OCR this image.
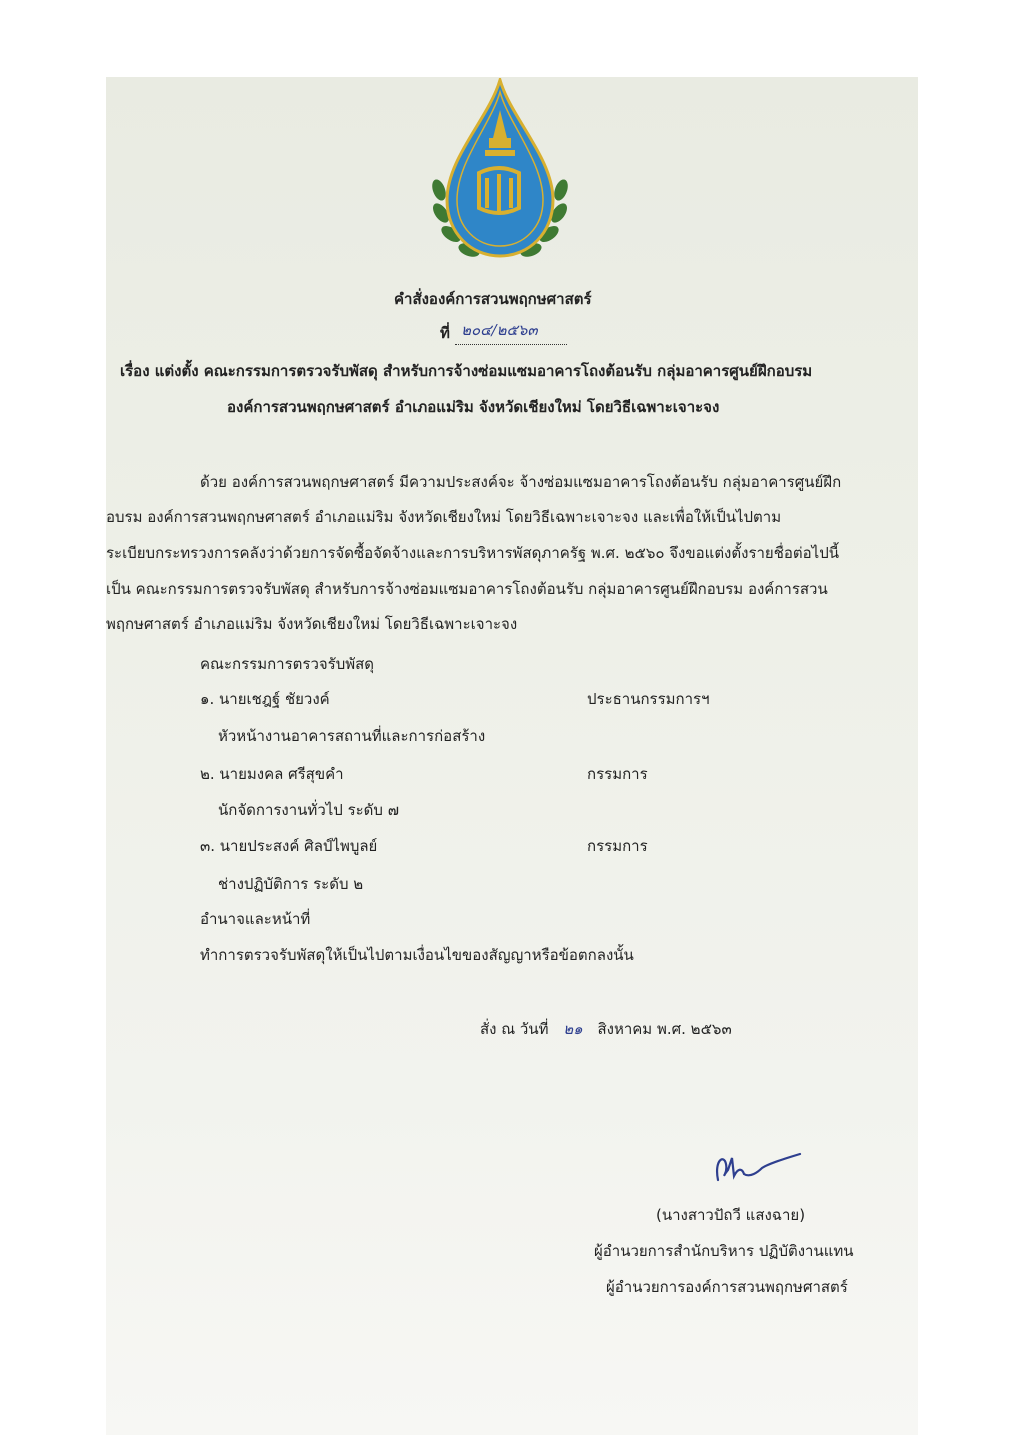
คำสั่งองค์การสวนพฤกษศาสตร์
ที่ ๒๐๔/๒๕๖๓
เรื่อง แต่งตั้ง คณะกรรมการตรวจรับพัสดุ สำหรับการจ้างซ่อมแซมอาคารโถงต้อนรับ กลุ่มอาคารศูนย์ฝึกอบรม
องค์การสวนพฤกษศาสตร์ อำเภอแม่ริม จังหวัดเชียงใหม่ โดยวิธีเฉพาะเจาะจง
ด้วย องค์การสวนพฤกษศาสตร์ มีความประสงค์จะ จ้างซ่อมแซมอาคารโถงต้อนรับ กลุ่มอาคารศูนย์ฝึก
อบรม องค์การสวนพฤกษศาสตร์ อำเภอแม่ริม จังหวัดเชียงใหม่ โดยวิธีเฉพาะเจาะจง และเพื่อให้เป็นไปตาม
ระเบียบกระทรวงการคลังว่าด้วยการจัดซื้อจัดจ้างและการบริหารพัสดุภาครัฐ พ.ศ. ๒๕๖๐ จึงขอแต่งตั้งรายชื่อต่อไปนี้
เป็น คณะกรรมการตรวจรับพัสดุ สำหรับการจ้างซ่อมแซมอาคารโถงต้อนรับ กลุ่มอาคารศูนย์ฝึกอบรม องค์การสวน
พฤกษศาสตร์ อำเภอแม่ริม จังหวัดเชียงใหม่ โดยวิธีเฉพาะเจาะจง
คณะกรรมการตรวจรับพัสดุ
๑. นายเชฎฐ์ ชัยวงค์	ประธานกรรมการฯ
หัวหน้างานอาคารสถานที่และการก่อสร้าง
๒. นายมงคล ศรีสุขคำ	กรรมการ
นักจัดการงานทั่วไป ระดับ ๗
๓. นายประสงค์ ศิลป์ไพบูลย์	กรรมการ
ช่างปฏิบัติการ ระดับ ๒
อำนาจและหน้าที่
ทำการตรวจรับพัสดุให้เป็นไปตามเงื่อนไขของสัญญาหรือข้อตกลงนั้น
สั่ง ณ วันที่ ๒๑ สิงหาคม พ.ศ. ๒๕๖๓
(นางสาวปัถวี แสงฉาย)
ผู้อำนวยการสำนักบริหาร ปฏิบัติงานแทน
ผู้อำนวยการองค์การสวนพฤกษศาสตร์
